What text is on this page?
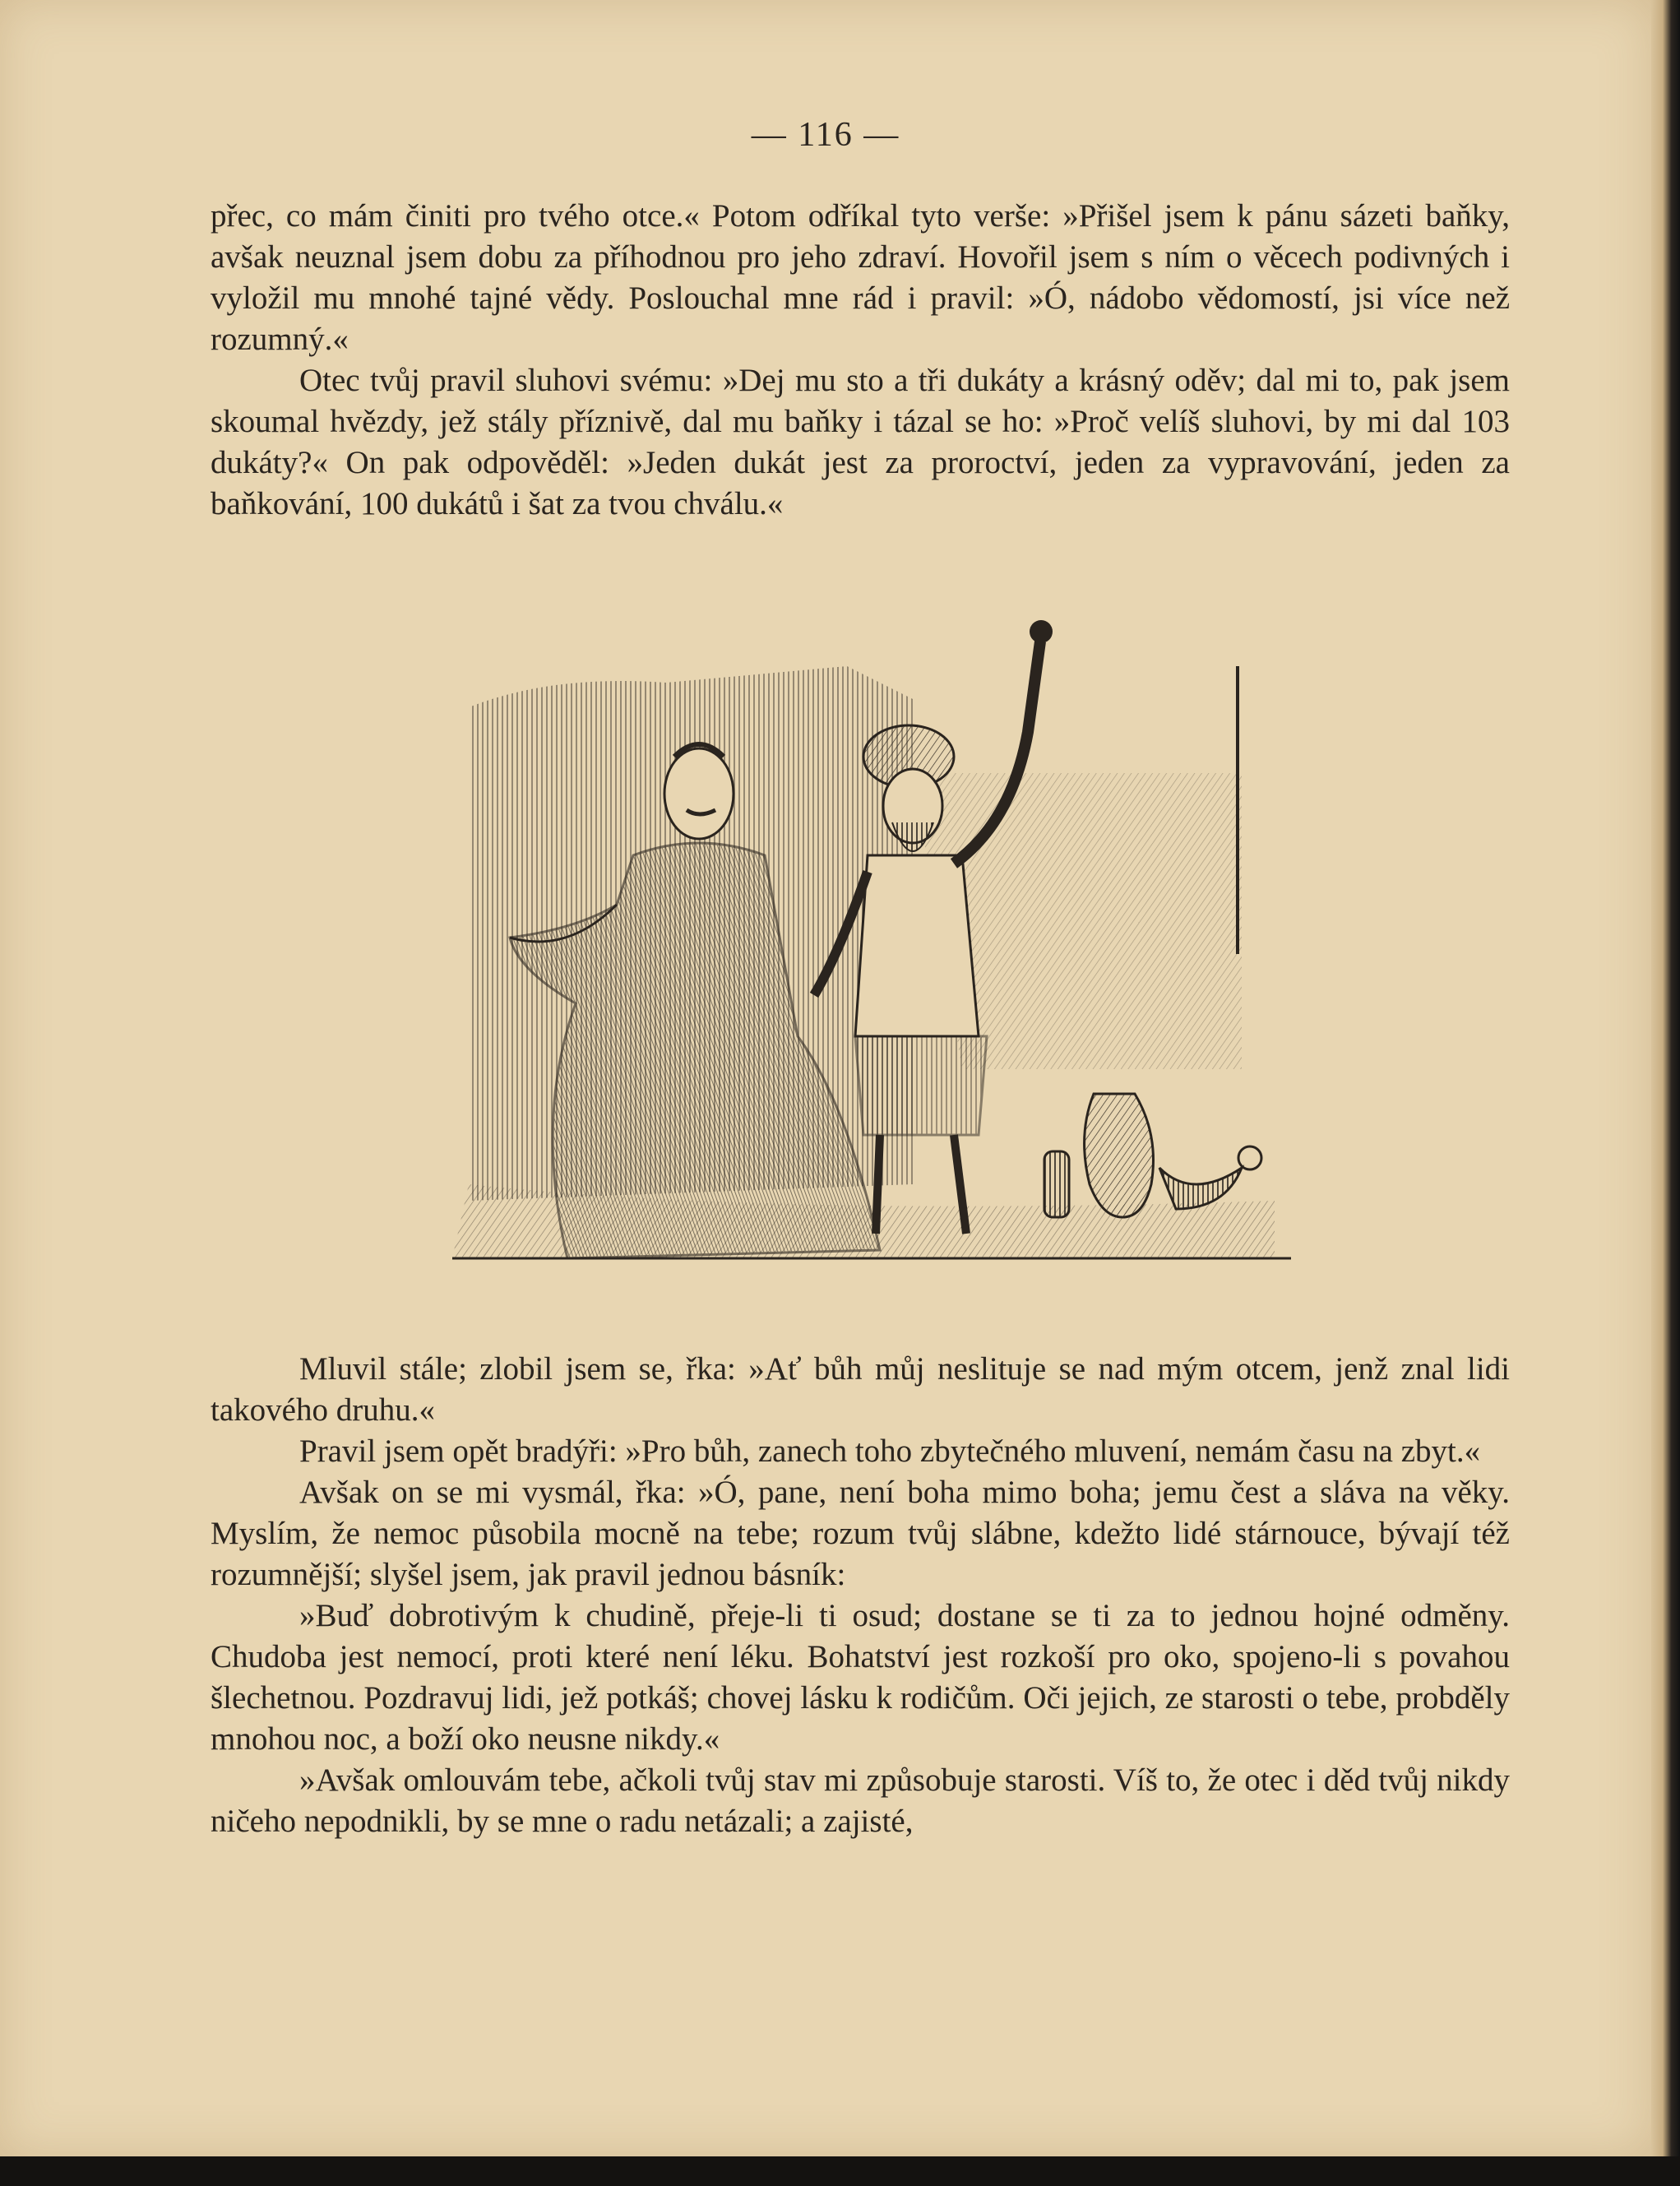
— 116 —

přec, co mám činiti pro tvého otce.« Potom odříkal tyto verše: »Přišel jsem k pánu sázeti baňky, avšak neuznal jsem dobu za příhodnou pro jeho zdraví. Hovořil jsem s ním o věcech podivných i vyložil mu mnohé tajné vědy. Poslouchal mne rád i pravil: »Ó, nádobo vědomostí, jsi více než rozumný.«

Otec tvůj pravil sluhovi svému: »Dej mu sto a tři dukáty a krásný oděv; dal mi to, pak jsem skoumal hvězdy, jež stály příznivě, dal mu baňky i tázal se ho: »Proč velíš sluhovi, by mi dal 103 dukáty?« On pak odpověděl: »Jeden dukát jest za proroctví, jeden za vypravování, jeden za baňkování, 100 dukátů i šat za tvou chválu.«

Mluvil stále; zlobil jsem se, řka: »Ať bůh můj neslituje se nad mým otcem, jenž znal lidi takového druhu.«

Pravil jsem opět bradýři: »Pro bůh, zanech toho zbytečného mluvení, nemám času na zbyt.«

Avšak on se mi vysmál, řka: »Ó, pane, není boha mimo boha; jemu čest a sláva na věky. Myslím, že nemoc působila mocně na tebe; rozum tvůj slábne, kdežto lidé stárnouce, bývají též rozumnější; slyšel jsem, jak pravil jednou básník:

»Buď dobrotivým k chudině, přeje-li ti osud; dostane se ti za to jednou hojné odměny. Chudoba jest nemocí, proti které není léku. Bohatství jest rozkoší pro oko, spojeno-li s povahou šlechetnou. Pozdravuj lidi, jež potkáš; chovej lásku k rodičům. Oči jejich, ze starosti o tebe, probděly mnohou noc, a boží oko neusne nikdy.«

»Avšak omlouvám tebe, ačkoli tvůj stav mi způsobuje starosti. Víš to, že otec i děd tvůj nikdy ničeho nepodnikli, by se mne o radu netázali; a zajisté,
